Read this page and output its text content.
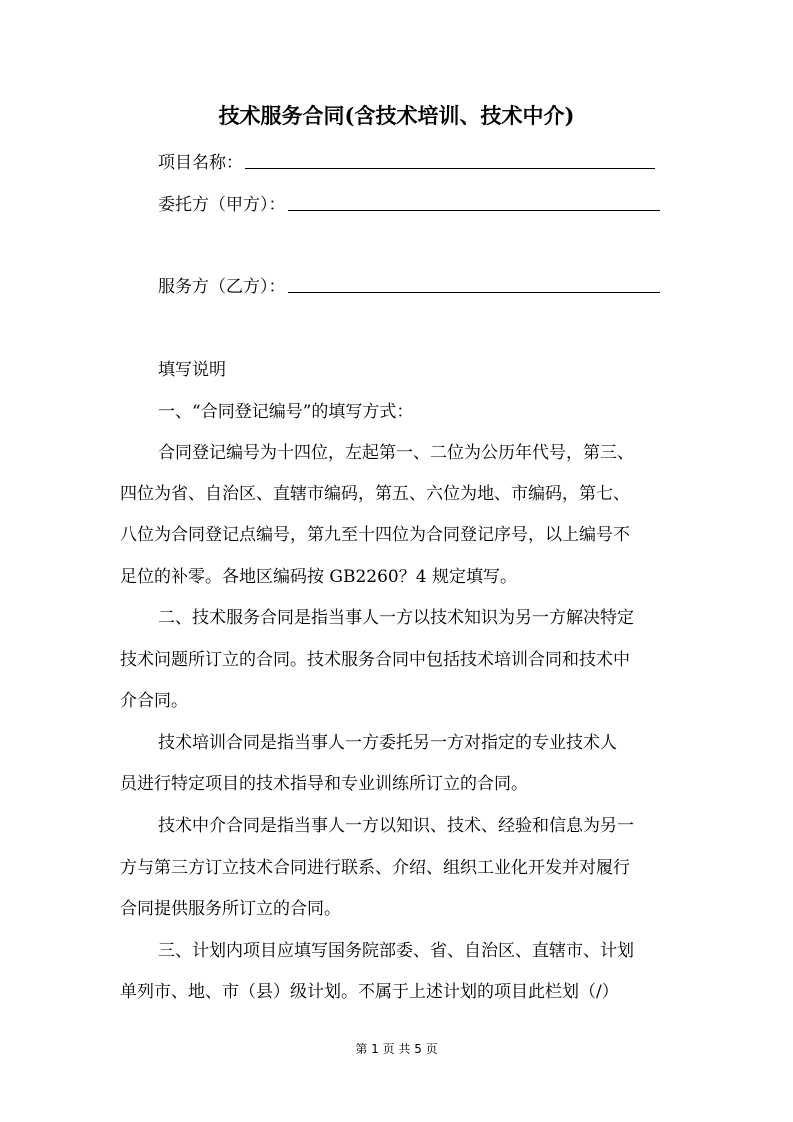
技术服务合同(含技术培训、技术中介)
项目名称：
委托方（甲方）：
服务方（乙方）：
填写说明
一、“合同登记编号”的填写方式：
合同登记编号为十四位，左起第一、二位为公历年代号，第三、
四位为省、自治区、直辖市编码，第五、六位为地、市编码，第七、
八位为合同登记点编号，第九至十四位为合同登记序号，以上编号不
足位的补零。各地区编码按 GB2260？4 规定填写。
二、技术服务合同是指当事人一方以技术知识为另一方解决特定
技术问题所订立的合同。技术服务合同中包括技术培训合同和技术中
介合同。
技术培训合同是指当事人一方委托另一方对指定的专业技术人
员进行特定项目的技术指导和专业训练所订立的合同。
技术中介合同是指当事人一方以知识、技术、经验和信息为另一
方与第三方订立技术合同进行联系、介绍、组织工业化开发并对履行
合同提供服务所订立的合同。
三、计划内项目应填写国务院部委、省、自治区、直辖市、计划
单列市、地、市（县）级计划。不属于上述计划的项目此栏划（/）
第 1 页 共 5 页
